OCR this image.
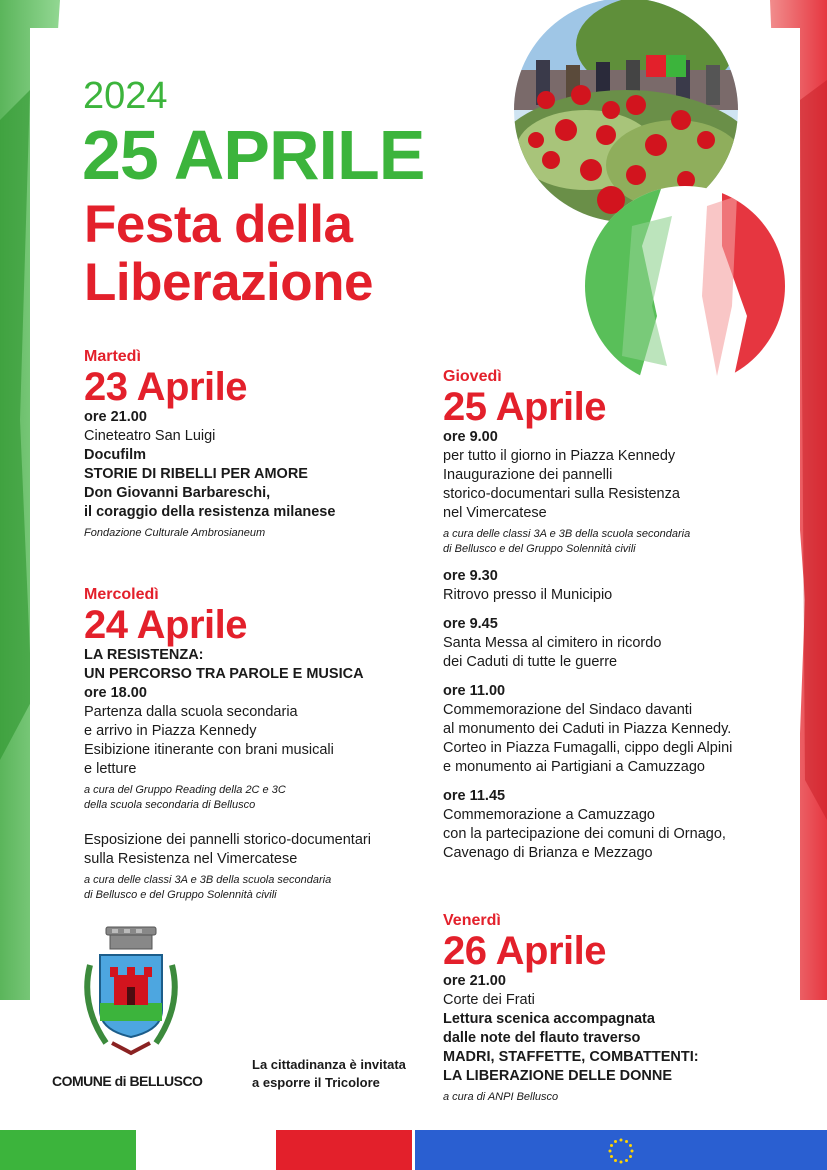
2024
25 APRILE
Festa della
Liberazione
Martedì
23 Aprile
ore 21.00
Cineteatro San Luigi
Docufilm
STORIE DI RIBELLI PER AMORE
Don Giovanni Barbareschi,
il coraggio della resistenza milanese
Fondazione Culturale Ambrosianeum
Mercoledì
24 Aprile
LA RESISTENZA:
UN PERCORSO TRA PAROLE E MUSICA
ore 18.00
Partenza dalla scuola secondaria
e arrivo in Piazza Kennedy
Esibizione itinerante con brani musicali
e letture
a cura del Gruppo Reading della 2C e 3C
della scuola secondaria di Bellusco
Esposizione dei pannelli storico-documentari
sulla Resistenza nel Vimercatese
a cura delle classi 3A e 3B della scuola secondaria
di Bellusco e del Gruppo Solennità civili
Giovedì
25 Aprile
ore 9.00
per tutto il giorno in Piazza Kennedy
Inaugurazione dei pannelli
storico-documentari sulla Resistenza
nel Vimercatese
a cura delle classi 3A e 3B della scuola secondaria
di Bellusco e del Gruppo Solennità civili
ore 9.30
Ritrovo presso il Municipio
ore 9.45
Santa Messa al cimitero in ricordo
dei Caduti di tutte le guerre
ore 11.00
Commemorazione del Sindaco davanti
al monumento dei Caduti in Piazza Kennedy.
Corteo in Piazza Fumagalli, cippo degli Alpini
e monumento ai Partigiani a Camuzzago
ore 11.45
Commemorazione a Camuzzago
con la partecipazione dei comuni di Ornago,
Cavenago di Brianza e Mezzago
Venerdì
26 Aprile
ore 21.00
Corte dei Frati
Lettura scenica accompagnata
dalle note del flauto traverso
MADRI, STAFFETTE, COMBATTENTI:
LA LIBERAZIONE DELLE DONNE
a cura di ANPI Bellusco
COMUNE di BELLUSCO
La cittadinanza è invitata
a esporre il Tricolore
